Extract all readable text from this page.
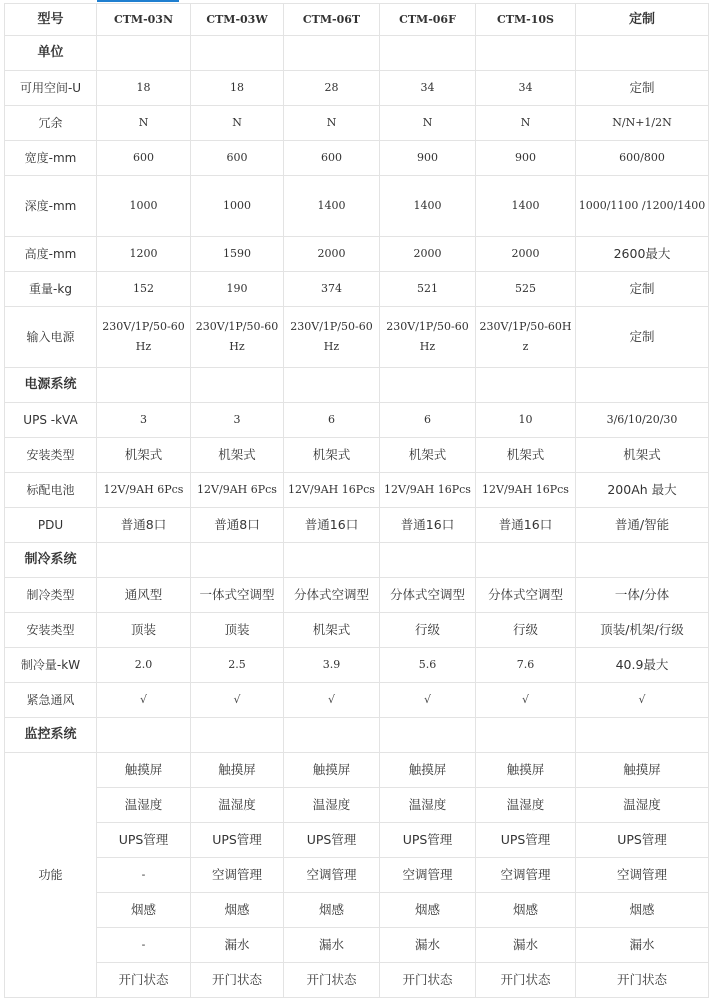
型号	CTM-03N	CTM-03W	CTM-06T	CTM-06F	CTM-10S	定制
单位						
可用空间-U	18	18	28	34	34	定制
冗余	N	N	N	N	N	N/N+1/2N
宽度-mm	600	600	600	900	900	600/800
深度-mm	1000	1000	1400	1400	1400	1000/1100 /1200/1400
高度-mm	1200	1590	2000	2000	2000	2600最大
重量-kg	152	190	374	521	525	定制
输入电源	230V/1P/50-60Hz	230V/1P/50-60Hz	230V/1P/50-60Hz	230V/1P/50-60Hz	230V/1P/50-60Hz	定制
电源系统						
UPS -kVA	3	3	6	6	10	3/6/10/20/30
安装类型	机架式	机架式	机架式	机架式	机架式	机架式
标配电池	12V/9AH 6Pcs	12V/9AH 6Pcs	12V/9AH 16Pcs	12V/9AH 16Pcs	12V/9AH 16Pcs	200Ah 最大
PDU	普通8口	普通8口	普通16口	普通16口	普通16口	普通/智能
制冷系统						
制冷类型	通风型	一体式空调型	分体式空调型	分体式空调型	分体式空调型	一体/分体
安装类型	顶装	顶装	机架式	行级	行级	顶装/机架/行级
制冷量-kW	2.0	2.5	3.9	5.6	7.6	40.9最大
紧急通风	√	√	√	√	√	√
监控系统						
功能	触摸屏	触摸屏	触摸屏	触摸屏	触摸屏	触摸屏
	温湿度	温湿度	温湿度	温湿度	温湿度	温湿度
	UPS管理	UPS管理	UPS管理	UPS管理	UPS管理	UPS管理
	-	空调管理	空调管理	空调管理	空调管理	空调管理
	烟感	烟感	烟感	烟感	烟感	烟感
	-	漏水	漏水	漏水	漏水	漏水
	开门状态	开门状态	开门状态	开门状态	开门状态	开门状态
